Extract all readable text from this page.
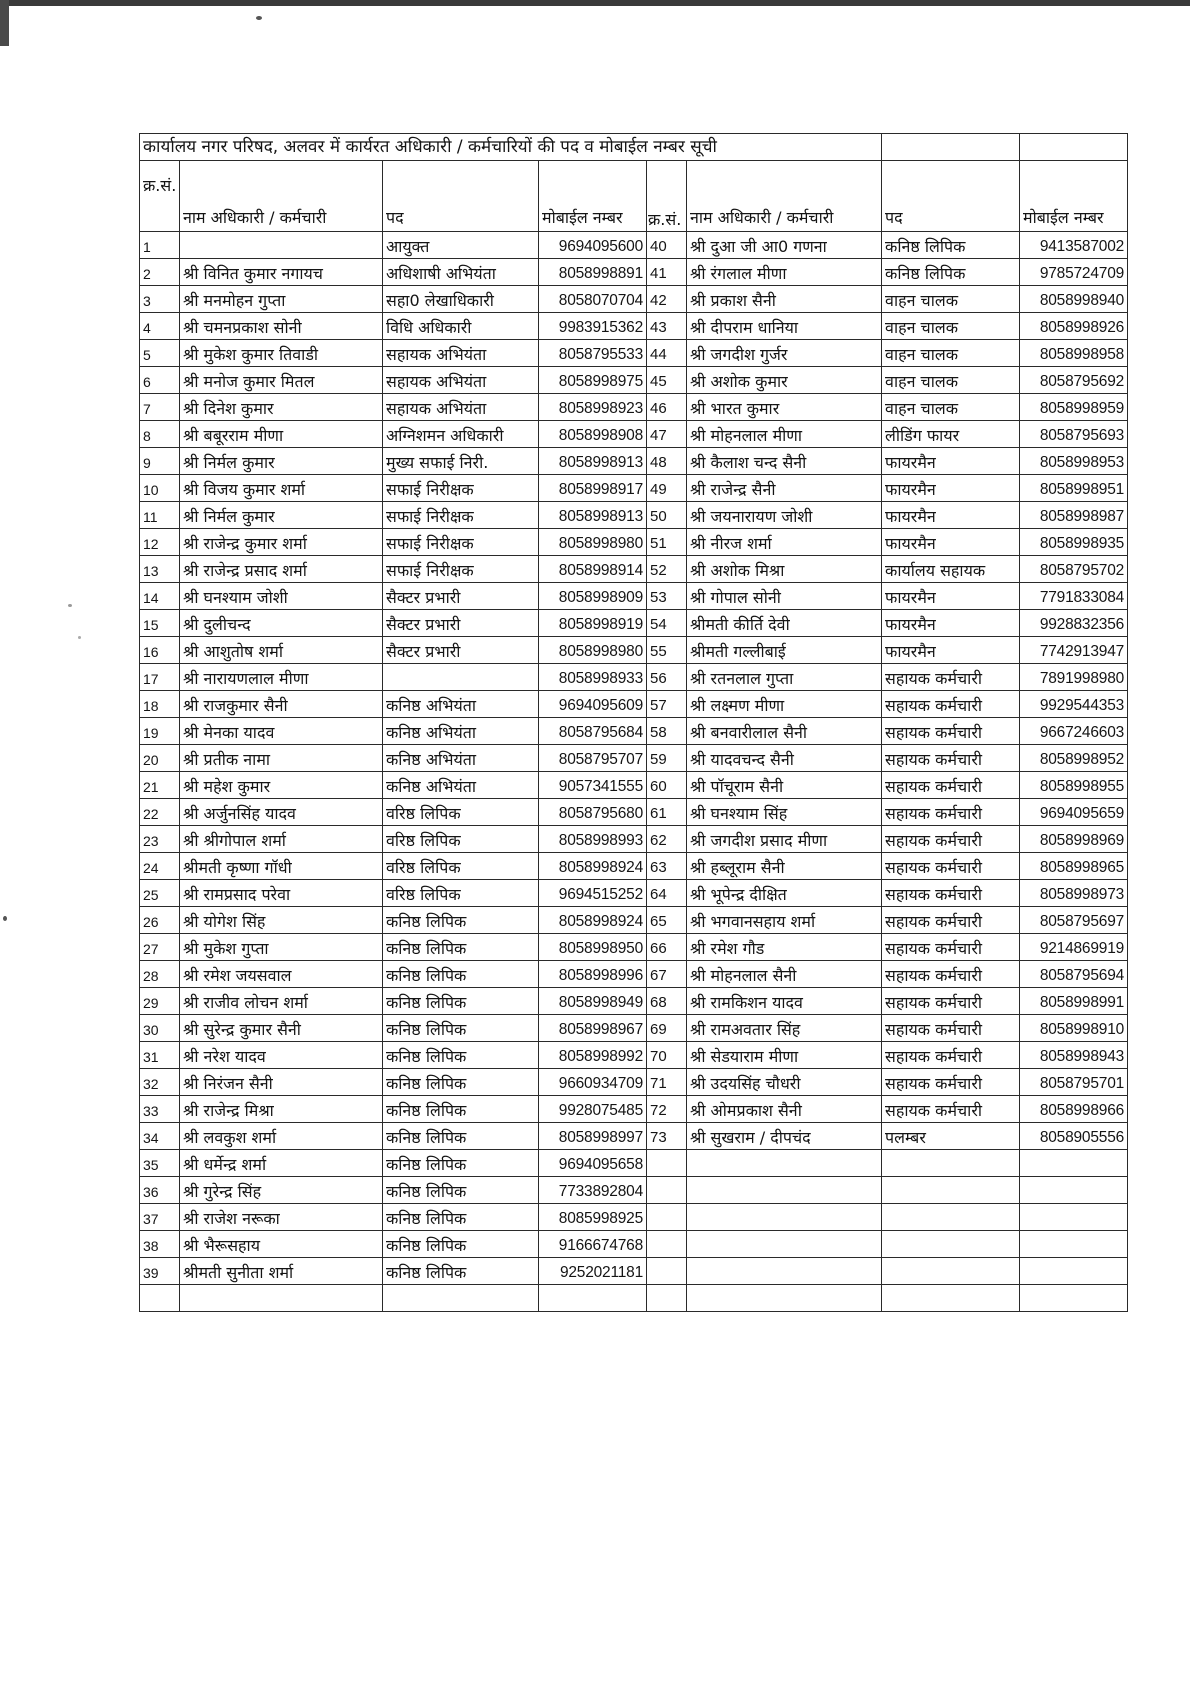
कार्यालय नगर परिषद, अलवर में कार्यरत अधिकारी / कर्मचारियों की पद व मोबाईल नम्बर सूची							
क्र.सं.	नाम अधिकारी / कर्मचारी	पद	मोबाईल नम्बर	क्र.सं.	नाम अधिकारी / कर्मचारी	पद	मोबाईल नम्बर
1		आयुक्त	9694095600	40	श्री दुआ जी आ0 गणना	कनिष्ठ लिपिक	9413587002
2	श्री विनित कुमार नगायच	अधिशाषी अभियंता	8058998891	41	श्री रंगलाल मीणा	कनिष्ठ लिपिक	9785724709
3	श्री मनमोहन गुप्ता	सहा0 लेखाधिकारी	8058070704	42	श्री प्रकाश सैनी	वाहन चालक	8058998940
4	श्री चमनप्रकाश सोनी	विधि अधिकारी	9983915362	43	श्री दीपराम धानिया	वाहन चालक	8058998926
5	श्री मुकेश कुमार तिवाडी	सहायक अभियंता	8058795533	44	श्री जगदीश गुर्जर	वाहन चालक	8058998958
6	श्री मनोज कुमार मितल	सहायक अभियंता	8058998975	45	श्री अशोक कुमार	वाहन चालक	8058795692
7	श्री दिनेश कुमार	सहायक अभियंता	8058998923	46	श्री भारत कुमार	वाहन चालक	8058998959
8	श्री बबूरराम मीणा	अग्निशमन अधिकारी	8058998908	47	श्री मोहनलाल मीणा	लीडिंग फायर	8058795693
9	श्री निर्मल कुमार	मुख्य सफाई निरी.	8058998913	48	श्री कैलाश चन्द सैनी	फायरमैन	8058998953
10	श्री विजय कुमार शर्मा	सफाई निरीक्षक	8058998917	49	श्री राजेन्द्र सैनी	फायरमैन	8058998951
11	श्री निर्मल कुमार	सफाई निरीक्षक	8058998913	50	श्री जयनारायण जोशी	फायरमैन	8058998987
12	श्री राजेन्द्र कुमार शर्मा	सफाई निरीक्षक	8058998980	51	श्री नीरज शर्मा	फायरमैन	8058998935
13	श्री राजेन्द्र प्रसाद शर्मा	सफाई निरीक्षक	8058998914	52	श्री अशोक मिश्रा	कार्यालय सहायक	8058795702
14	श्री घनश्याम जोशी	सैक्टर प्रभारी	8058998909	53	श्री गोपाल सोनी	फायरमैन	7791833084
15	श्री दुलीचन्द	सैक्टर प्रभारी	8058998919	54	श्रीमती कीर्ति देवी	फायरमैन	9928832356
16	श्री आशुतोष शर्मा	सैक्टर प्रभारी	8058998980	55	श्रीमती गल्लीबाई	फायरमैन	7742913947
17	श्री नारायणलाल मीणा		8058998933	56	श्री रतनलाल गुप्ता	सहायक कर्मचारी	7891998980
18	श्री राजकुमार सैनी	कनिष्ठ अभियंता	9694095609	57	श्री लक्ष्मण मीणा	सहायक कर्मचारी	9929544353
19	श्री मेनका यादव	कनिष्ठ अभियंता	8058795684	58	श्री बनवारीलाल सैनी	सहायक कर्मचारी	9667246603
20	श्री प्रतीक नामा	कनिष्ठ अभियंता	8058795707	59	श्री यादवचन्द सैनी	सहायक कर्मचारी	8058998952
21	श्री महेश कुमार	कनिष्ठ अभियंता	9057341555	60	श्री पॉचूराम सैनी	सहायक कर्मचारी	8058998955
22	श्री अर्जुनसिंह यादव	वरिष्ठ लिपिक	8058795680	61	श्री घनश्याम सिंह	सहायक कर्मचारी	9694095659
23	श्री श्रीगोपाल शर्मा	वरिष्ठ लिपिक	8058998993	62	श्री जगदीश प्रसाद मीणा	सहायक कर्मचारी	8058998969
24	श्रीमती कृष्णा गॉधी	वरिष्ठ लिपिक	8058998924	63	श्री हब्लूराम सैनी	सहायक कर्मचारी	8058998965
25	श्री रामप्रसाद परेवा	वरिष्ठ लिपिक	9694515252	64	श्री भूपेन्द्र दीक्षित	सहायक कर्मचारी	8058998973
26	श्री योगेश सिंह	कनिष्ठ लिपिक	8058998924	65	श्री भगवानसहाय शर्मा	सहायक कर्मचारी	8058795697
27	श्री मुकेश गुप्ता	कनिष्ठ लिपिक	8058998950	66	श्री रमेश गौड	सहायक कर्मचारी	9214869919
28	श्री रमेश जयसवाल	कनिष्ठ लिपिक	8058998996	67	श्री मोहनलाल सैनी	सहायक कर्मचारी	8058795694
29	श्री राजीव लोचन शर्मा	कनिष्ठ लिपिक	8058998949	68	श्री रामकिशन यादव	सहायक कर्मचारी	8058998991
30	श्री सुरेन्द्र कुमार सैनी	कनिष्ठ लिपिक	8058998967	69	श्री रामअवतार सिंह	सहायक कर्मचारी	8058998910
31	श्री नरेश यादव	कनिष्ठ लिपिक	8058998992	70	श्री सेडयाराम मीणा	सहायक कर्मचारी	8058998943
32	श्री निरंजन सैनी	कनिष्ठ लिपिक	9660934709	71	श्री उदयसिंह चौधरी	सहायक कर्मचारी	8058795701
33	श्री राजेन्द्र मिश्रा	कनिष्ठ लिपिक	9928075485	72	श्री ओमप्रकाश सैनी	सहायक कर्मचारी	8058998966
34	श्री लवकुश शर्मा	कनिष्ठ लिपिक	8058998997	73	श्री सुखराम / दीपचंद	पलम्बर	8058905556
35	श्री धर्मेन्द्र शर्मा	कनिष्ठ लिपिक	9694095658				
36	श्री गुरेन्द्र सिंह	कनिष्ठ लिपिक	7733892804				
37	श्री राजेश नरूका	कनिष्ठ लिपिक	8085998925				
38	श्री भैरूसहाय	कनिष्ठ लिपिक	9166674768				
39	श्रीमती सुनीता शर्मा	कनिष्ठ लिपिक	9252021181				
